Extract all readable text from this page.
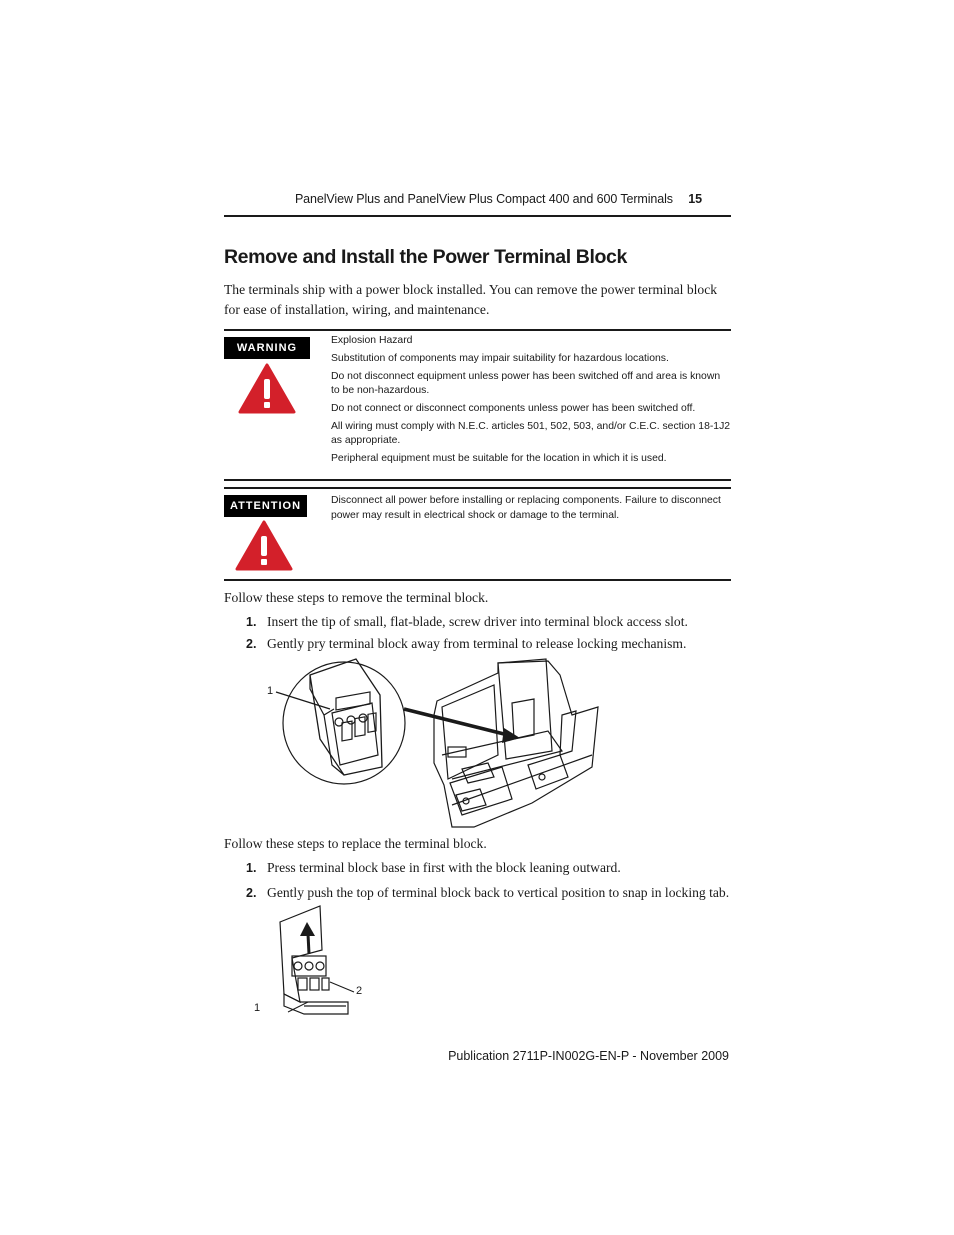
PanelView Plus and PanelView Plus Compact 400 and 600 Terminals 15
Remove and Install the Power Terminal Block
The terminals ship with a power block installed. You can remove the power terminal block for ease of installation, wiring, and maintenance.
WARNING

Explosion Hazard

Substitution of components may impair suitability for hazardous locations.

Do not disconnect equipment unless power has been switched off and area is known to be non-hazardous.

Do not connect or disconnect components unless power has been switched off.

All wiring must comply with N.E.C. articles 501, 502, 503, and/or C.E.C. section 18-1J2 as appropriate.

Peripheral equipment must be suitable for the location in which it is used.

ATTENTION	Disconnect all power before installing or replacing components. Failure to disconnect power may result in electrical shock or damage to the terminal.
Follow these steps to remove the terminal block.
1. Insert the tip of small, flat-blade, screw driver into terminal block access slot.
2. Gently pry terminal block away from terminal to release locking mechanism.
1
Follow these steps to replace the terminal block.
1. Press terminal block base in first with the block leaning outward.
2. Gently push the top of terminal block back to vertical position to snap in locking tab.
1
2
Publication 2711P-IN002G-EN-P - November 2009
